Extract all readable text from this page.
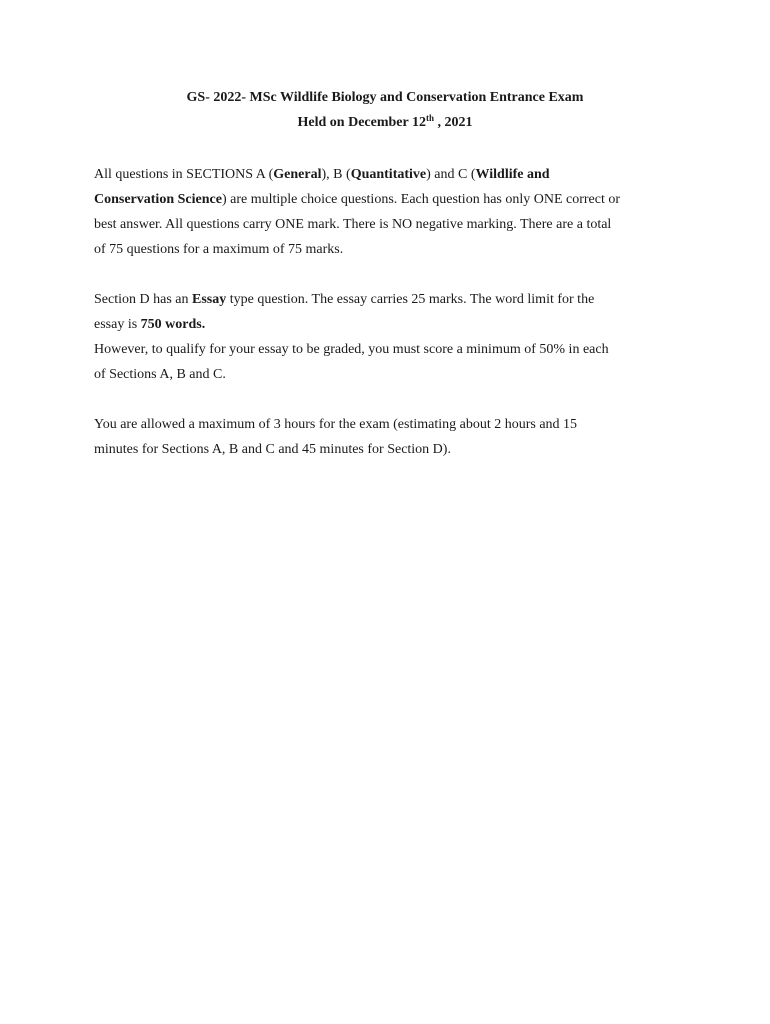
GS- 2022- MSc Wildlife Biology and Conservation Entrance Exam
Held on December 12th , 2021
All questions in SECTIONS A (General), B (Quantitative) and C (Wildlife and
Conservation Science) are multiple choice questions. Each question has only ONE correct or
best answer. All questions carry ONE mark. There is NO negative marking. There are a total
of 75 questions for a maximum of 75 marks.
Section D has an Essay type question. The essay carries 25 marks. The word limit for the
essay is 750 words.
However, to qualify for your essay to be graded, you must score a minimum of 50% in each
of Sections A, B and C.
You are allowed a maximum of 3 hours for the exam (estimating about 2 hours and 15
minutes for Sections A, B and C and 45 minutes for Section D).
